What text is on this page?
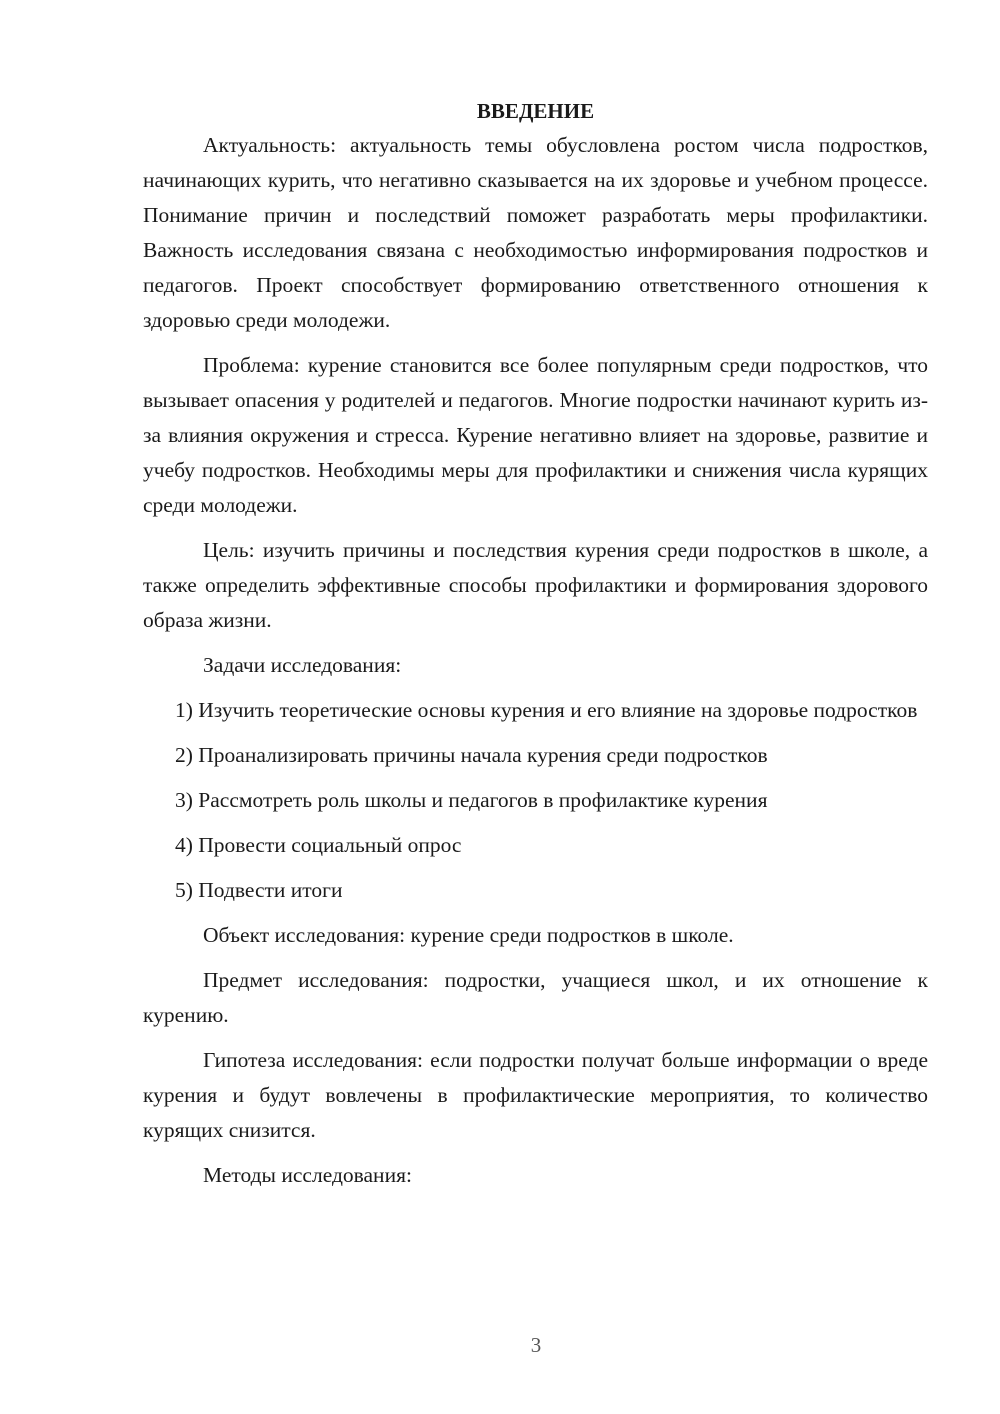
ВВЕДЕНИЕ

Актуальность: актуальность темы обусловлена ростом числа подростков, начинающих курить, что негативно сказывается на их здоровье и учебном процессе. Понимание причин и последствий поможет разработать меры профилактики. Важность исследования связана с необходимостью информирования подростков и педагогов. Проект способствует формированию ответственного отношения к здоровью среди молодежи.

Проблема: курение становится все более популярным среди подростков, что вызывает опасения у родителей и педагогов. Многие подростки начинают курить из-за влияния окружения и стресса. Курение негативно влияет на здоровье, развитие и учебу подростков. Необходимы меры для профилактики и снижения числа курящих среди молодежи.

Цель: изучить причины и последствия курения среди подростков в школе, а также определить эффективные способы профилактики и формирования здорового образа жизни.

Задачи исследования:

1) Изучить теоретические основы курения и его влияние на здоровье подростков

2) Проанализировать причины начала курения среди подростков

3) Рассмотреть роль школы и педагогов в профилактике курения

4) Провести социальный опрос

5) Подвести итоги

Объект исследования: курение среди подростков в школе.

Предмет исследования: подростки, учащиеся школ, и их отношение к курению.

Гипотеза исследования: если подростки получат больше информации о вреде курения и будут вовлечены в профилактические мероприятия, то количество курящих снизится.

Методы исследования:

3
